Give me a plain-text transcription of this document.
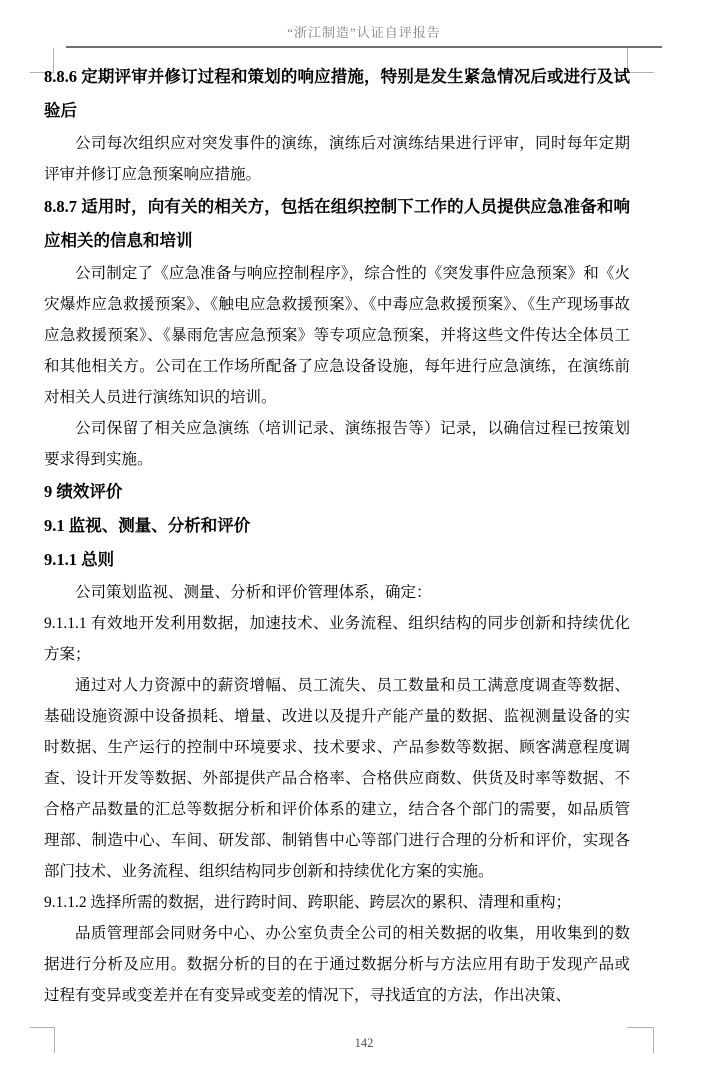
“浙江制造”认证自评报告
8.8.6 定期评审并修订过程和策划的响应措施，特别是发生紧急情况后或进行及试验后
公司每次组织应对突发事件的演练，演练后对演练结果进行评审，同时每年定期评审并修订应急预案响应措施。
8.8.7 适用时，向有关的相关方，包括在组织控制下工作的人员提供应急准备和响应相关的信息和培训
公司制定了《应急准备与响应控制程序》，综合性的《突发事件应急预案》和《火灾爆炸应急救援预案》、《触电应急救援预案》、《中毒应急救援预案》、《生产现场事故应急救援预案》、《暴雨危害应急预案》等专项应急预案，并将这些文件传达全体员工和其他相关方。公司在工作场所配备了应急设备设施，每年进行应急演练，在演练前对相关人员进行演练知识的培训。
公司保留了相关应急演练（培训记录、演练报告等）记录，以确信过程已按策划要求得到实施。
9 绩效评价
9.1 监视、测量、分析和评价
9.1.1 总则
公司策划监视、测量、分析和评价管理体系，确定：
9.1.1.1 有效地开发利用数据，加速技术、业务流程、组织结构的同步创新和持续优化方案；
通过对人力资源中的薪资增幅、员工流失、员工数量和员工满意度调查等数据、基础设施资源中设备损耗、增量、改进以及提升产能产量的数据、监视测量设备的实时数据、生产运行的控制中环境要求、技术要求、产品参数等数据、顾客满意程度调查、设计开发等数据、外部提供产品合格率、合格供应商数、供货及时率等数据、不合格产品数量的汇总等数据分析和评价体系的建立，结合各个部门的需要，如品质管理部、制造中心、车间、研发部、制销售中心等部门进行合理的分析和评价，实现各部门技术、业务流程、组织结构同步创新和持续优化方案的实施。
9.1.1.2 选择所需的数据，进行跨时间、跨职能、跨层次的累积、清理和重构；
品质管理部会同财务中心、办公室负责全公司的相关数据的收集，用收集到的数据进行分析及应用。数据分析的目的在于通过数据分析与方法应用有助于发现产品或过程有变异或变差并在有变异或变差的情况下，寻找适宜的方法，作出决策、
142
